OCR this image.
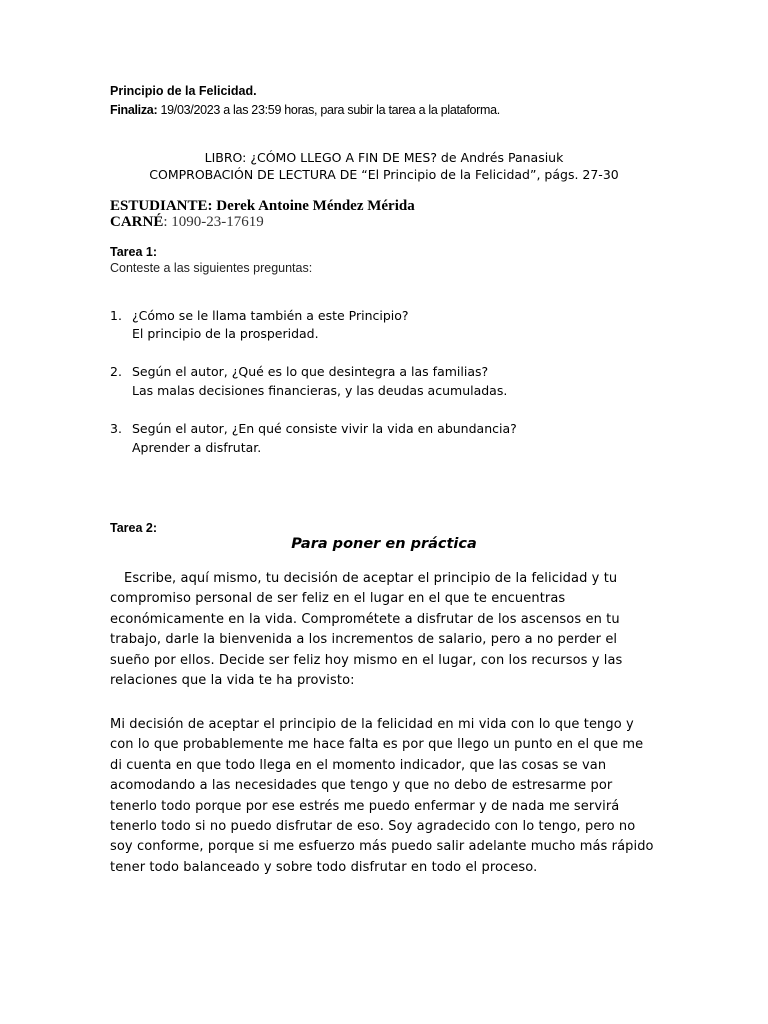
Principio de la Felicidad.
Finaliza: 19/03/2023 a las 23:59 horas, para subir la tarea a la plataforma.
LIBRO: ¿CÓMO LLEGO A FIN DE MES? de Andrés Panasiuk
COMPROBACIÓN DE LECTURA DE “El Principio de la Felicidad”, págs. 27-30
ESTUDIANTE: Derek Antoine Méndez Mérida
CARNÉ: 1090-23-17619
Tarea 1:
Conteste a las siguientes preguntas:
1. ¿Cómo se le llama también a este Principio?
El principio de la prosperidad.
2. Según el autor, ¿Qué es lo que desintegra a las familias?
Las malas decisiones financieras, y las deudas acumuladas.
3. Según el autor, ¿En qué consiste vivir la vida en abundancia?
Aprender a disfrutar.
Tarea 2:
Para poner en práctica
Escribe, aquí mismo, tu decisión de aceptar el principio de la felicidad y tu compromiso personal de ser feliz en el lugar en el que te encuentras económicamente en la vida. Comprométete a disfrutar de los ascensos en tu trabajo, darle la bienvenida a los incrementos de salario, pero a no perder el sueño por ellos. Decide ser feliz hoy mismo en el lugar, con los recursos y las relaciones que la vida te ha provisto:
Mi decisión de aceptar el principio de la felicidad en mi vida con lo que tengo y con lo que probablemente me hace falta es por que llego un punto en el que me di cuenta en que todo llega en el momento indicador, que las cosas se van acomodando a las necesidades que tengo y que no debo de estresarme por tenerlo todo porque por ese estrés me puedo enfermar y de nada me servirá tenerlo todo si no puedo disfrutar de eso. Soy agradecido con lo tengo, pero no soy conforme, porque si me esfuerzo más puedo salir adelante mucho más rápido tener todo balanceado y sobre todo disfrutar en todo el proceso.
